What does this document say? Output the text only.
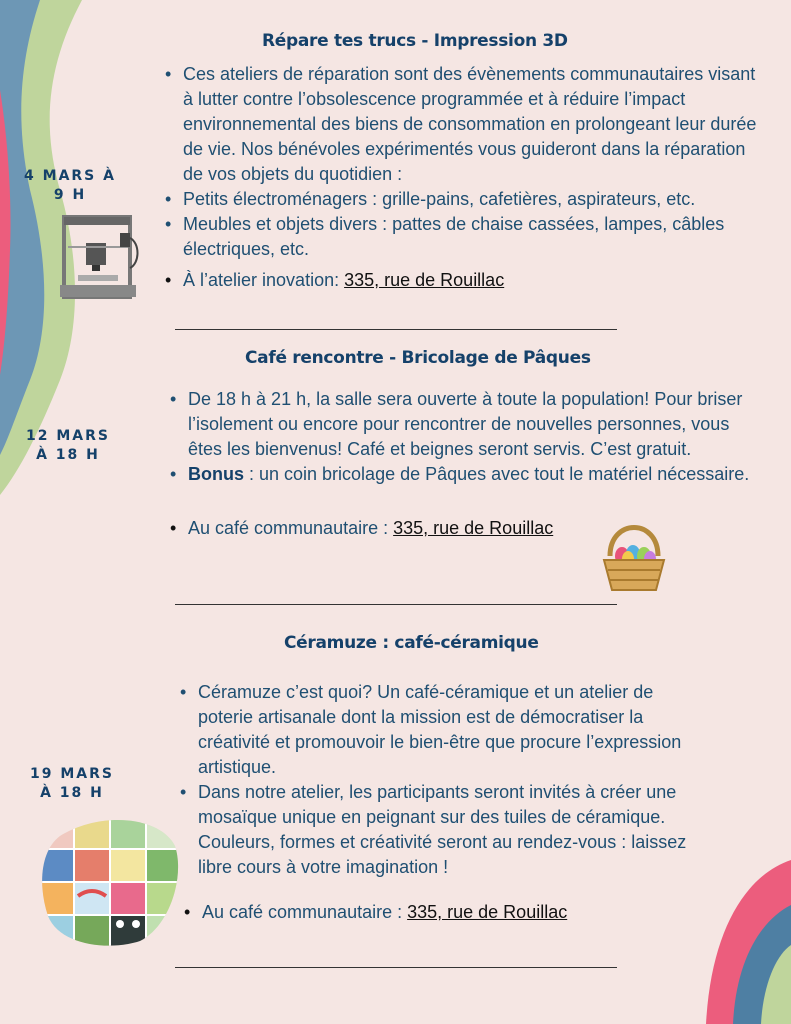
Répare tes trucs - Impression 3D
4 MARS À
9 H
• Ces ateliers de réparation sont des évènements communautaires visant à lutter contre l’obsolescence programmée et à réduire l’impact environnemental des biens de consommation en prolongeant leur durée de vie. Nos bénévoles expérimentés vous guideront dans la réparation de vos objets du quotidien :
• Petits électroménagers : grille-pains, cafetières, aspirateurs, etc.
• Meubles et objets divers : pattes de chaise cassées, lampes, câbles électriques, etc.
• À l’atelier inovation: 335, rue de Rouillac
Café rencontre - Bricolage de Pâques
12 MARS
À 18 H
• De 18 h à 21 h, la salle sera ouverte à toute la population! Pour briser l’isolement ou encore pour rencontrer de nouvelles personnes, vous êtes les bienvenus! Café et beignes seront servis. C’est gratuit.
• Bonus : un coin bricolage de Pâques avec tout le matériel nécessaire.
• Au café communautaire : 335, rue de Rouillac
Céramuze : café-céramique
19 MARS
À 18 H
• Céramuze c’est quoi? Un café-céramique et un atelier de poterie artisanale dont la mission est de démocratiser la créativité et promouvoir le bien-être que procure l’expression artistique.
• Dans notre atelier, les participants seront invités à créer une mosaïque unique en peignant sur des tuiles de céramique. Couleurs, formes et créativité seront au rendez-vous : laissez libre cours à votre imagination !
• Au café communautaire : 335, rue de Rouillac
